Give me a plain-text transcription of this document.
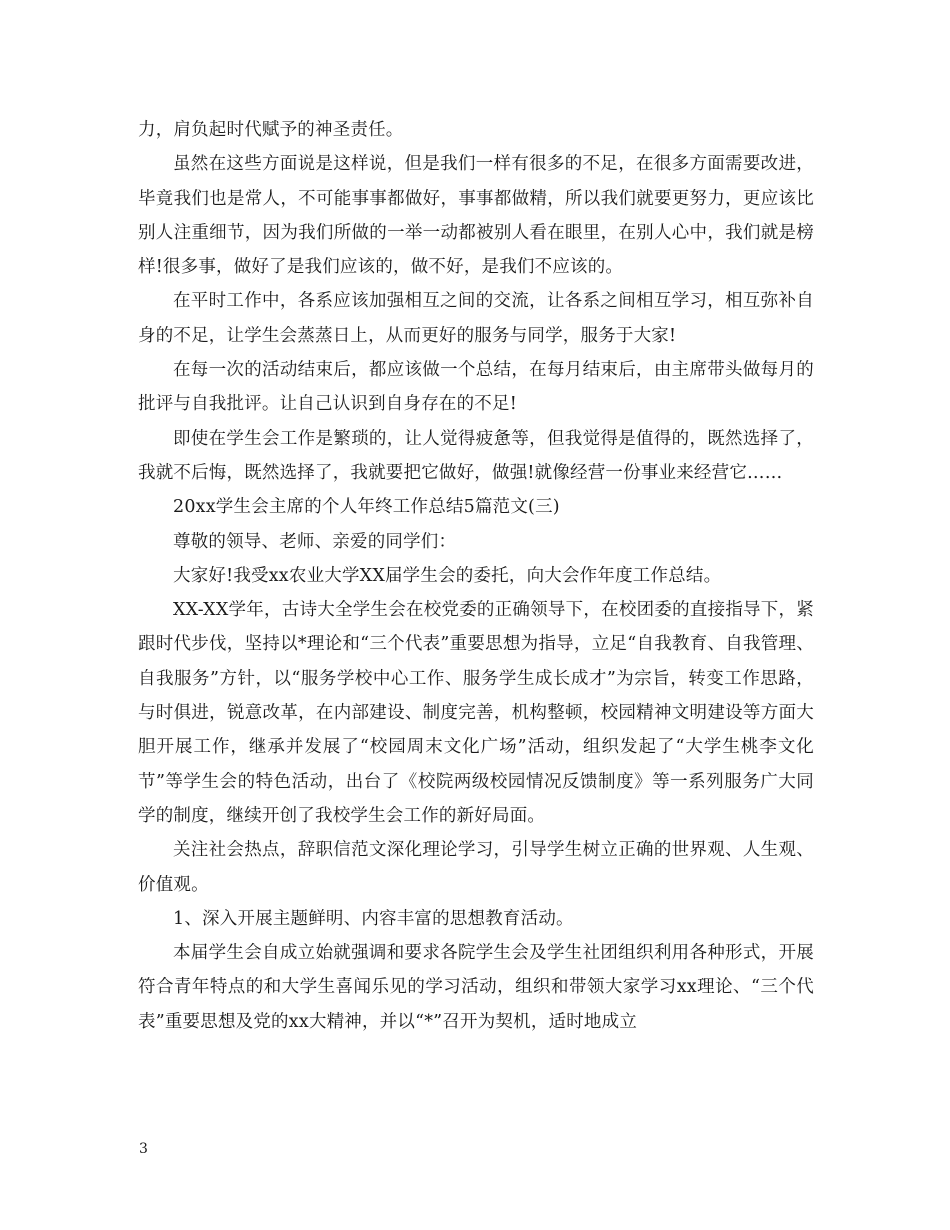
力，肩负起时代赋予的神圣责任。

虽然在这些方面说是这样说，但是我们一样有很多的不足，在很多方面需要改进，毕竟我们也是常人，不可能事事都做好，事事都做精，所以我们就要更努力，更应该比别人注重细节，因为我们所做的一举一动都被别人看在眼里，在别人心中，我们就是榜样!很多事，做好了是我们应该的，做不好，是我们不应该的。

在平时工作中，各系应该加强相互之间的交流，让各系之间相互学习，相互弥补自身的不足，让学生会蒸蒸日上，从而更好的服务与同学，服务于大家!

在每一次的活动结束后，都应该做一个总结，在每月结束后，由主席带头做每月的批评与自我批评。让自己认识到自身存在的不足!

即使在学生会工作是繁琐的，让人觉得疲惫等，但我觉得是值得的，既然选择了，我就不后悔，既然选择了，我就要把它做好，做强!就像经营一份事业来经营它……

20xx学生会主席的个人年终工作总结5篇范文(三)

尊敬的领导、老师、亲爱的同学们：

大家好!我受xx农业大学XX届学生会的委托，向大会作年度工作总结。

XX-XX学年，古诗大全学生会在校党委的正确领导下，在校团委的直接指导下，紧跟时代步伐，坚持以*理论和“三个代表”重要思想为指导，立足“自我教育、自我管理、自我服务”方针，以“服务学校中心工作、服务学生成长成才”为宗旨，转变工作思路，与时俱进，锐意改革，在内部建设、制度完善，机构整顿，校园精神文明建设等方面大胆开展工作，继承并发展了“校园周末文化广场”活动，组织发起了“大学生桃李文化节”等学生会的特色活动，出台了《校院两级校园情况反馈制度》等一系列服务广大同学的制度，继续开创了我校学生会工作的新好局面。

关注社会热点，辞职信范文深化理论学习，引导学生树立正确的世界观、人生观、价值观。

1、深入开展主题鲜明、内容丰富的思想教育活动。

本届学生会自成立始就强调和要求各院学生会及学生社团组织利用各种形式，开展符合青年特点的和大学生喜闻乐见的学习活动，组织和带领大家学习xx理论、“三个代表”重要思想及党的xx大精神，并以“*”召开为契机，适时地成立

3
